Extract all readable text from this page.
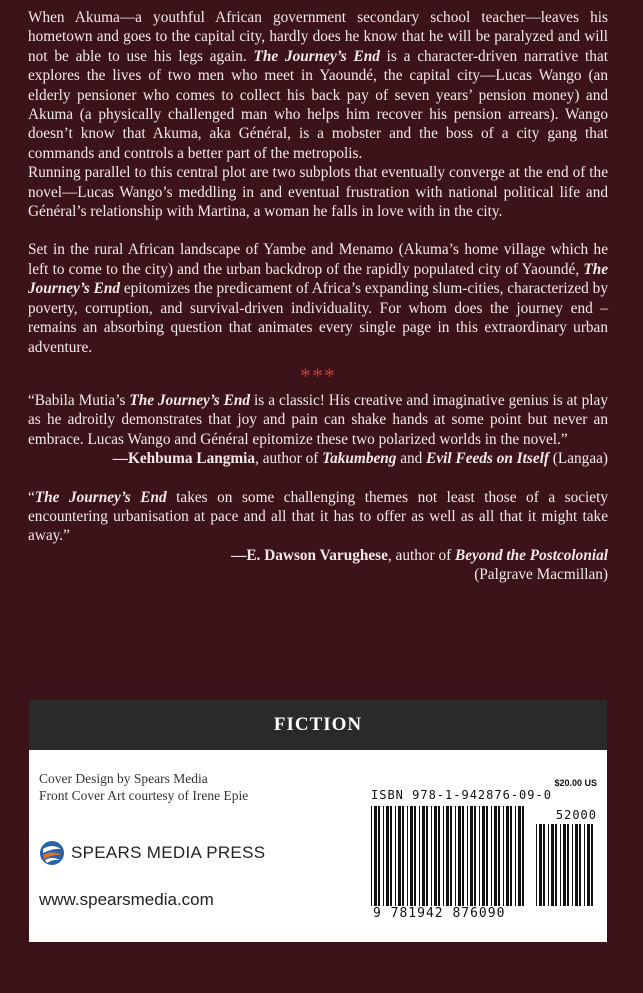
When Akuma—a youthful African government secondary school teacher—leaves his hometown and goes to the capital city, hardly does he know that he will be paralyzed and will not be able to use his legs again. The Journey’s End is a character-driven narrative that explores the lives of two men who meet in Yaoundé, the capital city—Lucas Wango (an elderly pensioner who comes to collect his back pay of seven years’ pension money) and Akuma (a physically challenged man who helps him recover his pension arrears). Wango doesn’t know that Akuma, aka Général, is a mobster and the boss of a city gang that commands and controls a better part of the metropolis.

Running parallel to this central plot are two subplots that eventually converge at the end of the novel—Lucas Wango’s meddling in and eventual frustration with national political life and Général’s relationship with Martina, a woman he falls in love with in the city.

Set in the rural African landscape of Yambe and Menamo (Akuma’s home village which he left to come to the city) and the urban backdrop of the rapidly populated city of Yaoundé, The Journey’s End epitomizes the predicament of Africa’s expanding slum-cities, characterized by poverty, corruption, and survival-driven individuality. For whom does the journey end – remains an absorbing question that animates every single page in this extraordinary urban adventure.

***

“Babila Mutia’s The Journey’s End is a classic! His creative and imaginative genius is at play as he adroitly demonstrates that joy and pain can shake hands at some point but never an embrace. Lucas Wango and Général epitomize these two polarized worlds in the novel.”

—Kehbuma Langmia, author of Takumbeng and Evil Feeds on Itself (Langaa)

“The Journey’s End takes on some challenging themes not least those of a society encountering urbanisation at pace and all that it has to offer as well as all that it might take away.”

—E. Dawson Varughese, author of Beyond the Postcolonial

(Palgrave Macmillan)

FICTION
Cover Design by Spears Media
Front Cover Art courtesy of Irene Epie
SPEARS MEDIA PRESS
www.spearsmedia.com
$20.00 US
ISBN 978-1-942876-09-0
52000
9 781942 876090
